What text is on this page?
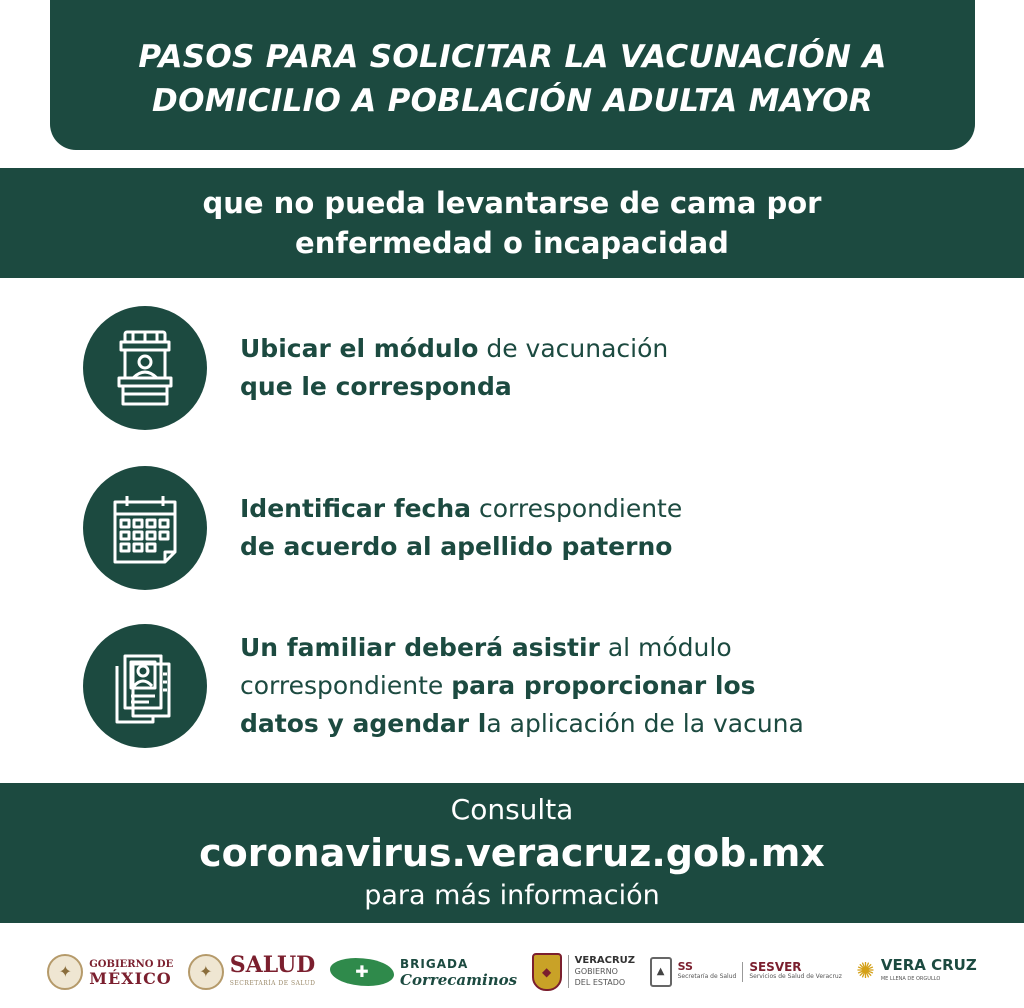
PASOS PARA SOLICITAR LA VACUNACIÓN A
DOMICILIO A POBLACIÓN ADULTA MAYOR
que no pueda levantarse de cama por
enfermedad o incapacidad
Ubicar el módulo de vacunación
que le corresponda
Identificar fecha correspondiente
de acuerdo al apellido paterno
Un familiar deberá asistir al módulo
correspondiente para proporcionar los
datos y agendar la aplicación de la vacuna
Consulta
coronavirus.veracruz.gob.mx
para más información
✦	GOBIERNO DE
MÉXICO	✦ SALUD
SECRETARÍA DE SALUD
✚	BRIGADA
Correcaminos	◆
VERACRUZ
GOBIERNO
DEL ESTADO
▲	SS
Secretaría de Salud
SESVER
Servicios de Salud de Veracruz ✺ VERA CRUZ
ME LLENA DE ORGULLO
